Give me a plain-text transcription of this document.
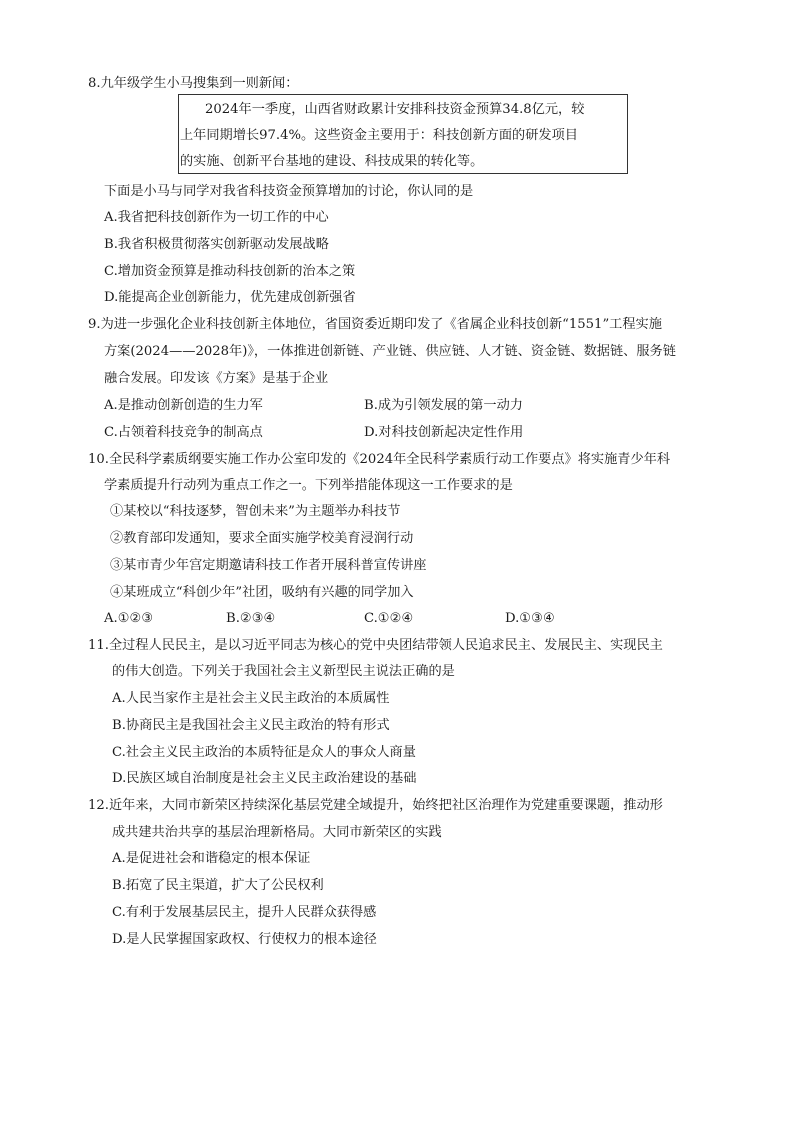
8.九年级学生小马搜集到一则新闻：
2024年一季度，山西省财政累计安排科技资金预算34.8亿元，较
上年同期增长97.4%。这些资金主要用于：科技创新方面的研发项目
的实施、创新平台基地的建设、科技成果的转化等。
下面是小马与同学对我省科技资金预算增加的讨论，你认同的是
A.我省把科技创新作为一切工作的中心
B.我省积极贯彻落实创新驱动发展战略
C.增加资金预算是推动科技创新的治本之策
D.能提高企业创新能力，优先建成创新强省
9.为进一步强化企业科技创新主体地位，省国资委近期印发了《省属企业科技创新“1551”工程实施
方案(2024——2028年)》，一体推进创新链、产业链、供应链、人才链、资金链、数据链、服务链
融合发展。印发该《方案》是基于企业
A.是推动创新创造的生力军	B.成为引领发展的第一动力
C.占领着科技竞争的制高点	D.对科技创新起决定性作用
10.全民科学素质纲要实施工作办公室印发的《2024年全民科学素质行动工作要点》将实施青少年科
学素质提升行动列为重点工作之一。下列举措能体现这一工作要求的是
①某校以“科技逐梦，智创未来”为主题举办科技节
②教育部印发通知，要求全面实施学校美育浸润行动
③某市青少年宫定期邀请科技工作者开展科普宣传讲座
④某班成立“科创少年”社团，吸纳有兴趣的同学加入
A.①②③	B.②③④	C.①②④	D.①③④
11.全过程人民民主，是以习近平同志为核心的党中央团结带领人民追求民主、发展民主、实现民主
的伟大创造。下列关于我国社会主义新型民主说法正确的是
A.人民当家作主是社会主义民主政治的本质属性
B.协商民主是我国社会主义民主政治的特有形式
C.社会主义民主政治的本质特征是众人的事众人商量
D.民族区域自治制度是社会主义民主政治建设的基础
12.近年来，大同市新荣区持续深化基层党建全域提升，始终把社区治理作为党建重要课题，推动形
成共建共治共享的基层治理新格局。大同市新荣区的实践
A.是促进社会和谐稳定的根本保证
B.拓宽了民主渠道，扩大了公民权利
C.有利于发展基层民主，提升人民群众获得感
D.是人民掌握国家政权、行使权力的根本途径
